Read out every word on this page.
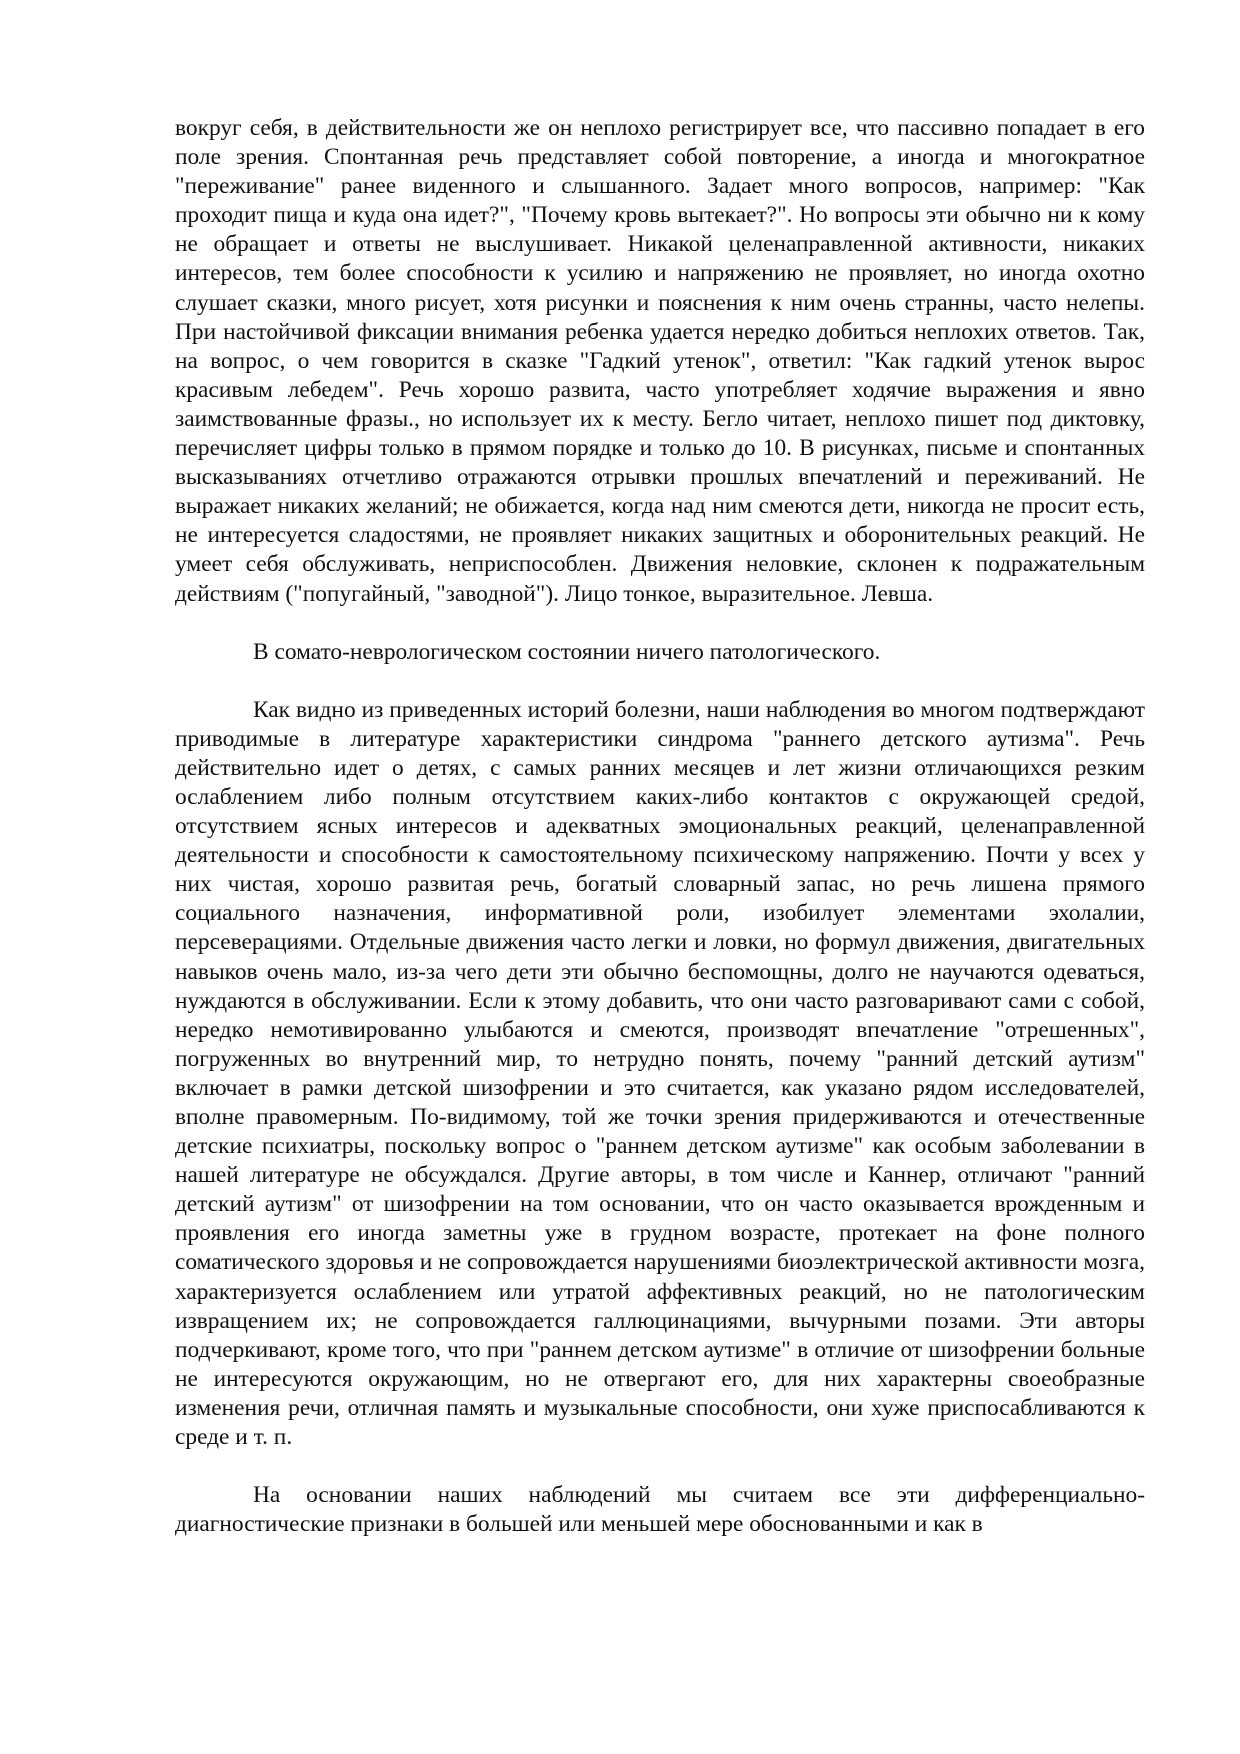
вокруг себя, в действительности же он неплохо регистрирует все, что пассивно попадает в его поле зрения. Спонтанная речь представляет собой повторение, а иногда и многократное "переживание" ранее виденного и слышанного. Задает много вопросов, например: "Как проходит пища и куда она идет?", "Почему кровь вытекает?". Но вопросы эти обычно ни к кому не обращает и ответы не выслушивает. Никакой целенаправленной активности, никаких интересов, тем более способности к усилию и напряжению не проявляет, но иногда охотно слушает сказки, много рисует, хотя рисунки и пояснения к ним очень странны, часто нелепы. При настойчивой фиксации внимания ребенка удается нередко добиться неплохих ответов. Так, на вопрос, о чем говорится в сказке "Гадкий утенок", ответил: "Как гадкий утенок вырос красивым лебедем". Речь хорошо развита, часто употребляет ходячие выражения и явно заимствованные фразы., но использует их к месту. Бегло читает, неплохо пишет под диктовку, перечисляет цифры только в прямом порядке и только до 10. В рисунках, письме и спонтанных высказываниях отчетливо отражаются отрывки прошлых впечатлений и переживаний. Не выражает никаких желаний; не обижается, когда над ним смеются дети, никогда не просит есть, не интересуется сладостями, не проявляет никаких защитных и оборонительных реакций. Не умеет себя обслуживать, неприспособлен. Движения неловкие, склонен к подражательным действиям ("попугайный, "заводной"). Лицо тонкое, выразительное. Левша.

В сомато-неврологическом состоянии ничего патологического.

Как видно из приведенных историй болезни, наши наблюдения во многом подтверждают приводимые в литературе характеристики синдрома "раннего детского аутизма". Речь действительно идет о детях, с самых ранних месяцев и лет жизни отличающихся резким ослаблением либо полным отсутствием каких-либо контактов с окружающей средой, отсутствием ясных интересов и адекватных эмоциональных реакций, целенаправленной деятельности и способности к самостоятельному психическому напряжению. Почти у всех у них чистая, хорошо развитая речь, богатый словарный запас, но речь лишена прямого социального назначения, информативной роли, изобилует элементами эхолалии, персеверациями. Отдельные движения часто легки и ловки, но формул движения, двигательных навыков очень мало, из-за чего дети эти обычно беспомощны, долго не научаются одеваться, нуждаются в обслуживании. Если к этому добавить, что они часто разговаривают сами с собой, нередко немотивированно улыбаются и смеются, производят впечатление "отрешенных", погруженных во внутренний мир, то нетрудно понять, почему "ранний детский аутизм" включает в рамки детской шизофрении и это считается, как указано рядом исследователей, вполне правомерным. По-видимому, той же точки зрения придерживаются и отечественные детские психиатры, поскольку вопрос о "раннем детском аутизме" как особым заболевании в нашей литературе не обсуждался. Другие авторы, в том числе и Каннер, отличают "ранний детский аутизм" от шизофрении на том основании, что он часто оказывается врожденным и проявления его иногда заметны уже в грудном возрасте, протекает на фоне полного соматического здоровья и не сопровождается нарушениями биоэлектрической активности мозга, характеризуется ослаблением или утратой аффективных реакций, но не патологическим извращением их; не сопровождается галлюцинациями, вычурными позами. Эти авторы подчеркивают, кроме того, что при "раннем детском аутизме" в отличие от шизофрении больные не интересуются окружающим, но не отвергают его, для них характерны своеобразные изменения речи, отличная память и музыкальные способности, они хуже приспосабливаются к среде и т. п.

На основании наших наблюдений мы считаем все эти дифференциально-диагностические признаки в большей или меньшей мере обоснованными и как в
